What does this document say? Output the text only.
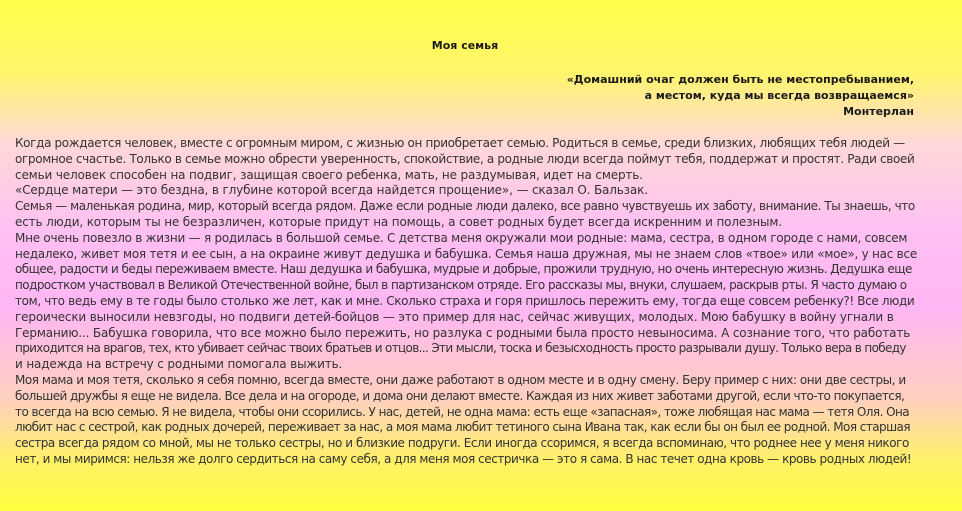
Моя семья
«Домашний очаг должен быть не местопребыванием,
а местом, куда мы всегда возвращаемся»
Монтерлан
Когда рождается человек, вместе с огромным миром, с жизнью он приобретает семью. Родиться в семье, среди близких, любящих тебя людей —
огромное счастье. Только в семье можно обрести уверенность, спокойствие, а родные люди всегда поймут тебя, поддержат и простят. Ради своей
семьи человек способен на подвиг, защищая своего ребенка, мать, не раздумывая, идет на смерть.
«Сердце матери — это бездна, в глубине которой всегда найдется прощение», — сказал О. Бальзак.
Семья — маленькая родина, мир, который всегда рядом. Даже если родные люди далеко, все равно чувствуешь их заботу, внимание. Ты знаешь, что
есть люди, которым ты не безразличен, которые придут на помощь, а совет родных будет всегда искренним и полезным.
Мне очень повезло в жизни — я родилась в большой семье. С детства меня окружали мои родные: мама, сестра, в одном городе с нами, совсем
недалеко, живет моя тетя и ее сын, а на окраине живут дедушка и бабушка. Семья наша дружная, мы не знаем слов «твое» или «мое», у нас все
общее, радости и беды переживаем вместе. Наш дедушка и бабушка, мудрые и добрые, прожили трудную, но очень интересную жизнь. Дедушка еще
подростком участвовал в Великой Отечественной войне, был в партизанском отряде. Его рассказы мы, внуки, слушаем, раскрыв рты. Я часто думаю о
том, что ведь ему в те годы было столько же лет, как и мне. Сколько страха и горя пришлось пережить ему, тогда еще совсем ребенку?! Все люди
героически выносили невзгоды, но подвиги детей-бойцов — это пример для нас, сейчас живущих, молодых. Мою бабушку в войну угнали в
Германию... Бабушка говорила, что все можно было пережить, но разлука с родными была просто невыносима. А сознание того, что работать
приходится на врагов, тех, кто убивает сейчас твоих братьев и отцов... Эти мысли, тоска и безысходность просто разрывали душу. Только вера в победу
и надежда на встречу с родными помогала выжить.
Моя мама и моя тетя, сколько я себя помню, всегда вместе, они даже работают в одном месте и в одну смену. Беру пример с них: они две сестры, и
большей дружбы я еще не видела. Все дела и на огороде, и дома они делают вместе. Каждая из них живет заботами другой, если что-то покупается,
то всегда на всю семью. Я не видела, чтобы они ссорились. У нас, детей, не одна мама: есть еще «запасная», тоже любящая нас мама — тетя Оля. Она
любит нас с сестрой, как родных дочерей, переживает за нас, а моя мама любит тетиного сына Ивана так, как если бы он был ее родной. Моя старшая
сестра всегда рядом со мной, мы не только сестры, но и близкие подруги. Если иногда ссоримся, я всегда вспоминаю, что роднее нее у меня никого
нет, и мы миримся: нельзя же долго сердиться на саму себя, а для меня моя сестричка — это я сама. В нас течет одна кровь — кровь родных людей!
